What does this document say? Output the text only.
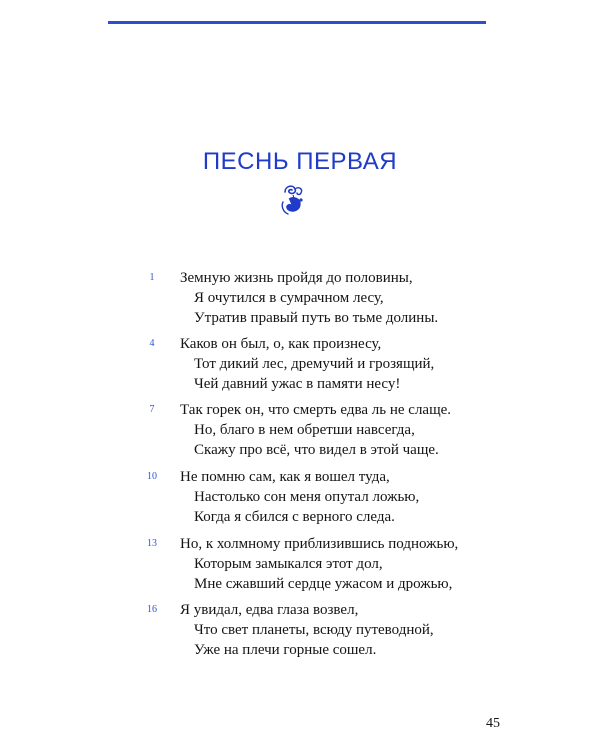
ПЕСНЬ ПЕРВАЯ
1	Земную жизнь пройдя до половины,
Я очутился в сумрачном лесу,
Утратив правый путь во тьме долины.
4	Каков он был, о, как произнесу,
Тот дикий лес, дремучий и грозящий,
Чей давний ужас в памяти несу!
7	Так горек он, что смерть едва ль не слаще.
Но, благо в нем обретши навсегда,
Скажу про всё, что видел в этой чаще.
10	Не помню сам, как я вошел туда,
Настолько сон меня опутал ложью,
Когда я сбился с верного следа.
13	Но, к холмному приблизившись подножью,
Которым замыкался этот дол,
Мне сжавший сердце ужасом и дрожью,
16	Я увидал, едва глаза возвел,
Что свет планеты, всюду путеводной,
Уже на плечи горные сошел.
45
